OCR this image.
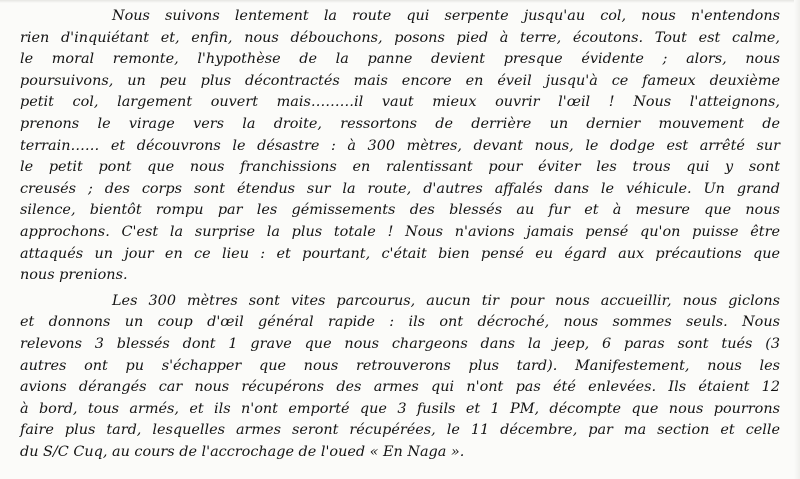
Nous suivons lentement la route qui serpente jusqu'au col, nous n'entendons
rien d'inquiétant et, enfin, nous débouchons, posons pied à terre, écoutons. Tout est calme,
le moral remonte, l'hypothèse de la panne devient presque évidente ; alors, nous
poursuivons, un peu plus décontractés mais encore en éveil jusqu'à ce fameux deuxième
petit col, largement ouvert mais………il vaut mieux ouvrir l'œil ! Nous l'atteignons,
prenons le virage vers la droite, ressortons de derrière un dernier mouvement de
terrain…… et découvrons le désastre : à 300 mètres, devant nous, le dodge est arrêté sur
le petit pont que nous franchissions en ralentissant pour éviter les trous qui y sont
creusés ; des corps sont étendus sur la route, d'autres affalés dans le véhicule. Un grand
silence, bientôt rompu par les gémissements des blessés au fur et à mesure que nous
approchons. C'est la surprise la plus totale ! Nous n'avions jamais pensé qu'on puisse être
attaqués un jour en ce lieu : et pourtant, c'était bien pensé eu égard aux précautions que
nous prenions.
Les 300 mètres sont vites parcourus, aucun tir pour nous accueillir, nous giclons
et donnons un coup d'œil général rapide : ils ont décroché, nous sommes seuls. Nous
relevons 3 blessés dont 1 grave que nous chargeons dans la jeep, 6 paras sont tués (3
autres ont pu s'échapper que nous retrouverons plus tard). Manifestement, nous les
avions dérangés car nous récupérons des armes qui n'ont pas été enlevées. Ils étaient 12
à bord, tous armés, et ils n'ont emporté que 3 fusils et 1 PM, décompte que nous pourrons
faire plus tard, lesquelles armes seront récupérées, le 11 décembre, par ma section et celle
du S/C Cuq, au cours de l'accrochage de l'oued « En Naga ».
